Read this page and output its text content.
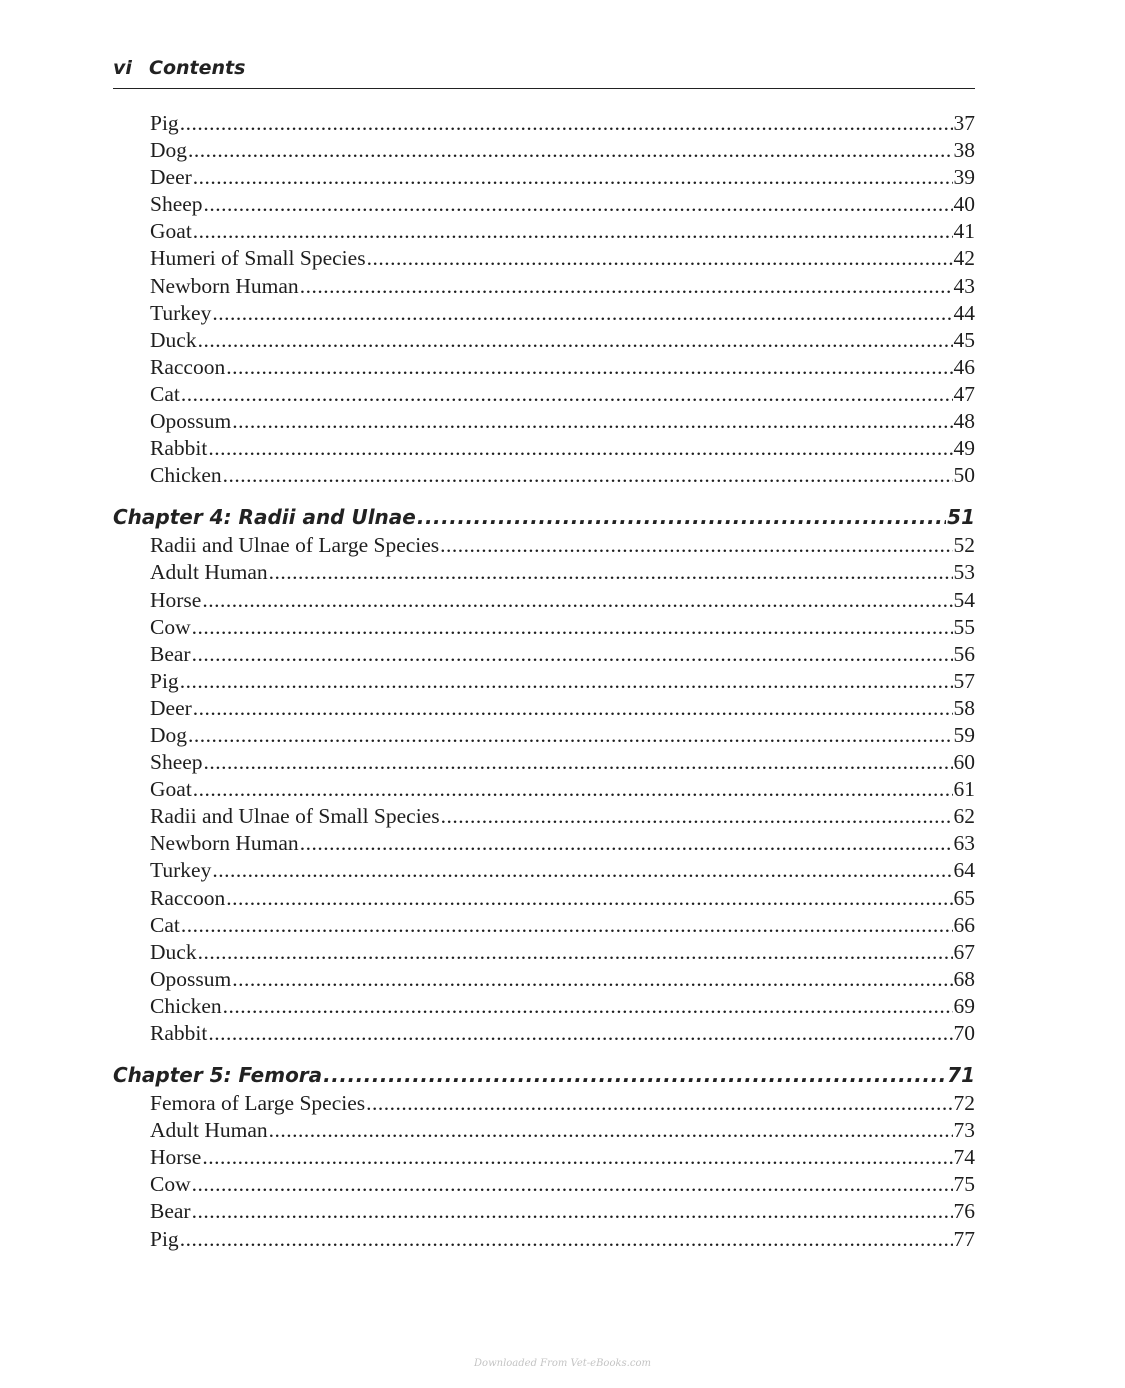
vi Contents
Pig .....	37
Dog .....	38
Deer .....	39
Sheep .....	40
Goat .....	41
Humeri of Small Species .....	42
Newborn Human .....	43
Turkey .....	44
Duck .....	45
Raccoon .....	46
Cat .....	47
Opossum .....	48
Rabbit .....	49
Chicken .....	50
Chapter 4: Radii and Ulnae .....	51
Radii and Ulnae of Large Species .....	52
Adult Human .....	53
Horse .....	54
Cow .....	55
Bear .....	56
Pig .....	57
Deer .....	58
Dog .....	59
Sheep .....	60
Goat .....	61
Radii and Ulnae of Small Species .....	62
Newborn Human .....	63
Turkey .....	64
Raccoon .....	65
Cat .....	66
Duck .....	67
Opossum .....	68
Chicken .....	69
Rabbit .....	70
Chapter 5: Femora .....	71
Femora of Large Species .....	72
Adult Human .....	73
Horse .....	74
Cow .....	75
Bear .....	76
Pig .....	77
Downloaded From Vet-eBooks.com
